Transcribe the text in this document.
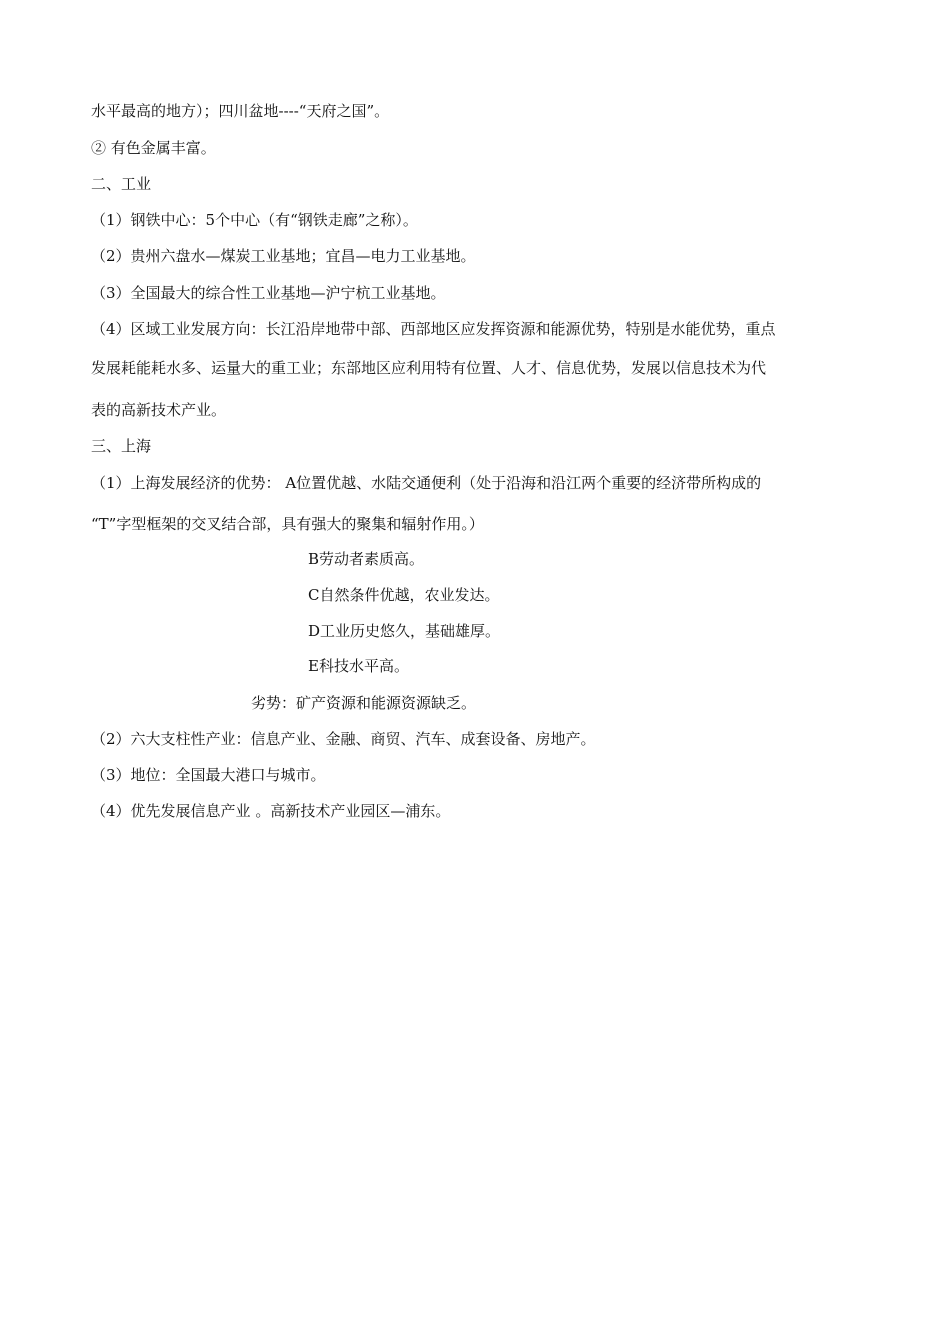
水平最高的地方）；四川盆地----“天府之国”。
② 有色金属丰富。
二、工业
（1）钢铁中心：5个中心（有“钢铁走廊”之称）。
（2）贵州六盘水—煤炭工业基地；宜昌—电力工业基地。
（3）全国最大的综合性工业基地—沪宁杭工业基地。
（4）区域工业发展方向：长江沿岸地带中部、西部地区应发挥资源和能源优势，特别是水能优势，重点
发展耗能耗水多、运量大的重工业；东部地区应利用特有位置、人才、信息优势，发展以信息技术为代
表的高新技术产业。
三、上海
（1）上海发展经济的优势： A位置优越、水陆交通便利（处于沿海和沿江两个重要的经济带所构成的
“T”字型框架的交叉结合部，具有强大的聚集和辐射作用。）
B劳动者素质高。
C自然条件优越，农业发达。
D工业历史悠久，基础雄厚。
E科技水平高。
劣势：矿产资源和能源资源缺乏。
（2）六大支柱性产业：信息产业、金融、商贸、汽车、成套设备、房地产。
（3）地位：全国最大港口与城市。
（4）优先发展信息产业 。高新技术产业园区—浦东。
